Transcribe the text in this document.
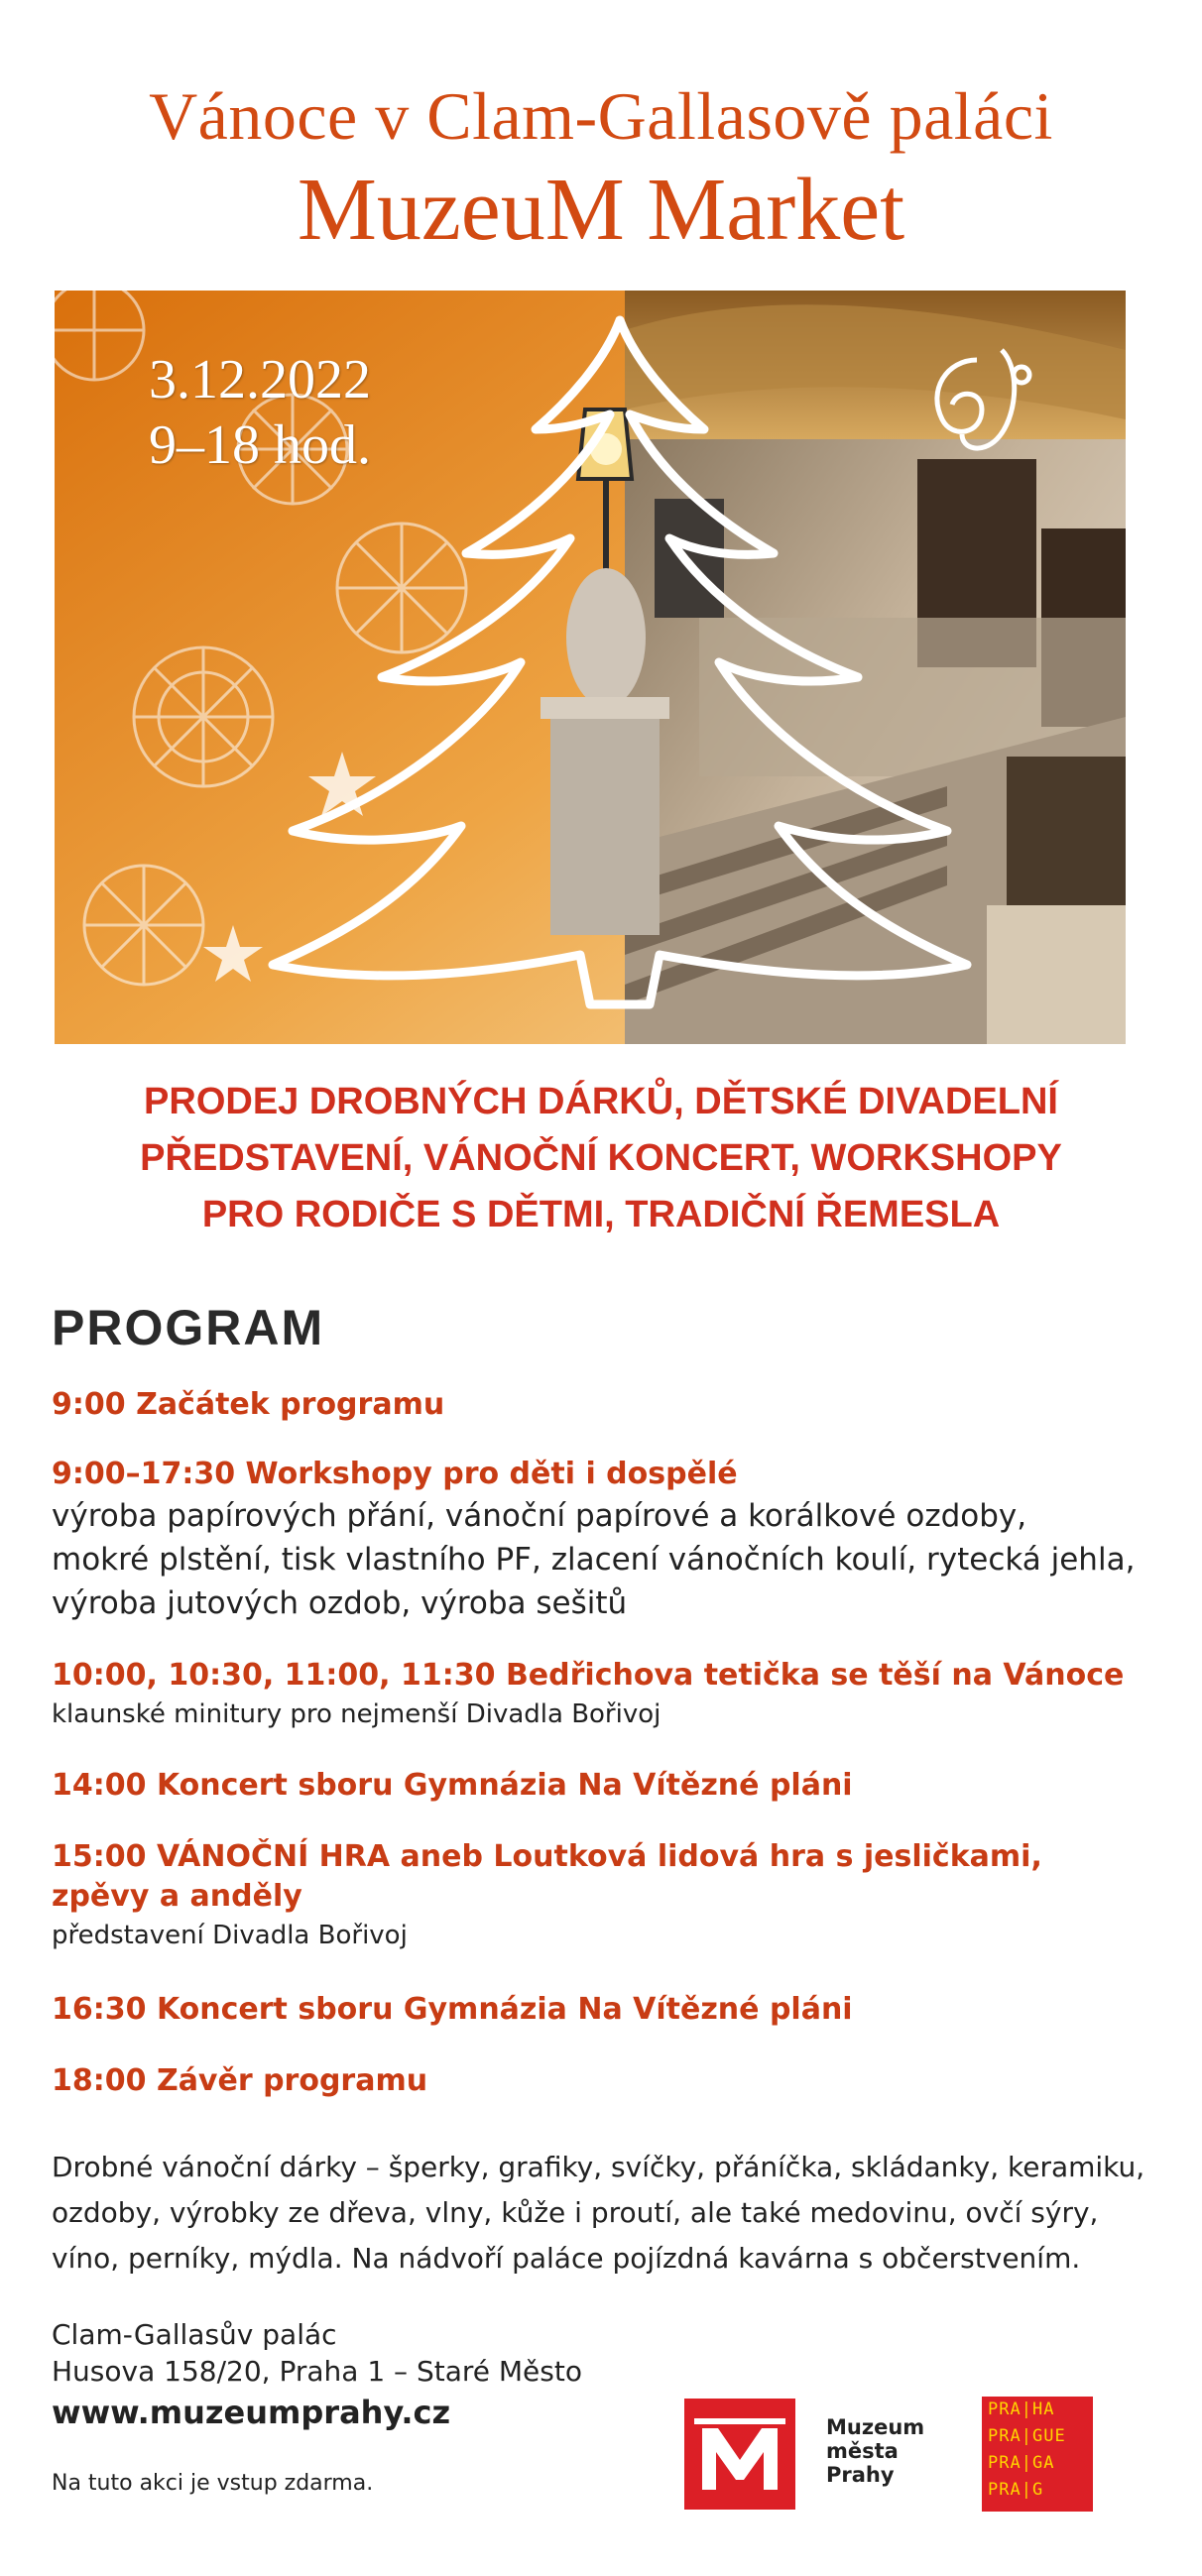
Vánoce v Clam-Gallasově paláci
MuzeuM Market
3.12.2022
9–18 hod.
PRODEJ DROBNÝCH DÁRKŮ, DĚTSKÉ DIVADELNÍ
PŘEDSTAVENÍ, VÁNOČNÍ KONCERT, WORKSHOPY
PRO RODIČE S DĚTMI, TRADIČNÍ ŘEMESLA
PROGRAM
9:00 Začátek programu
9:00–17:30 Workshopy pro děti i dospělé
výroba papírových přání, vánoční papírové a korálkové ozdoby,
mokré plstění, tisk vlastního PF, zlacení vánočních koulí, rytecká jehla,
výroba jutových ozdob, výroba sešitů
10:00, 10:30, 11:00, 11:30 Bedřichova tetička se těší na Vánoce
klaunské minitury pro nejmenší Divadla Bořivoj
14:00 Koncert sboru Gymnázia Na Vítězné pláni
15:00 VÁNOČNÍ HRA aneb Loutková lidová hra s jesličkami,
zpěvy a anděly
představení Divadla Bořivoj
16:30 Koncert sboru Gymnázia Na Vítězné pláni
18:00 Závěr programu
Drobné vánoční dárky – šperky, grafiky, svíčky, přáníčka, skládanky, keramiku,
ozdoby, výrobky ze dřeva, vlny, kůže i proutí, ale také medovinu, ovčí sýry,
víno, perníky, mýdla. Na nádvoří paláce pojízdná kavárna s občerstvením.
Clam-Gallasův palác
Husova 158/20, Praha 1 – Staré Město
www.muzeumprahy.cz
Na tuto akci je vstup zdarma.
Muzeum
města
Prahy
PRA|HA
PRA|GUE
PRA|GA
PRA|G
